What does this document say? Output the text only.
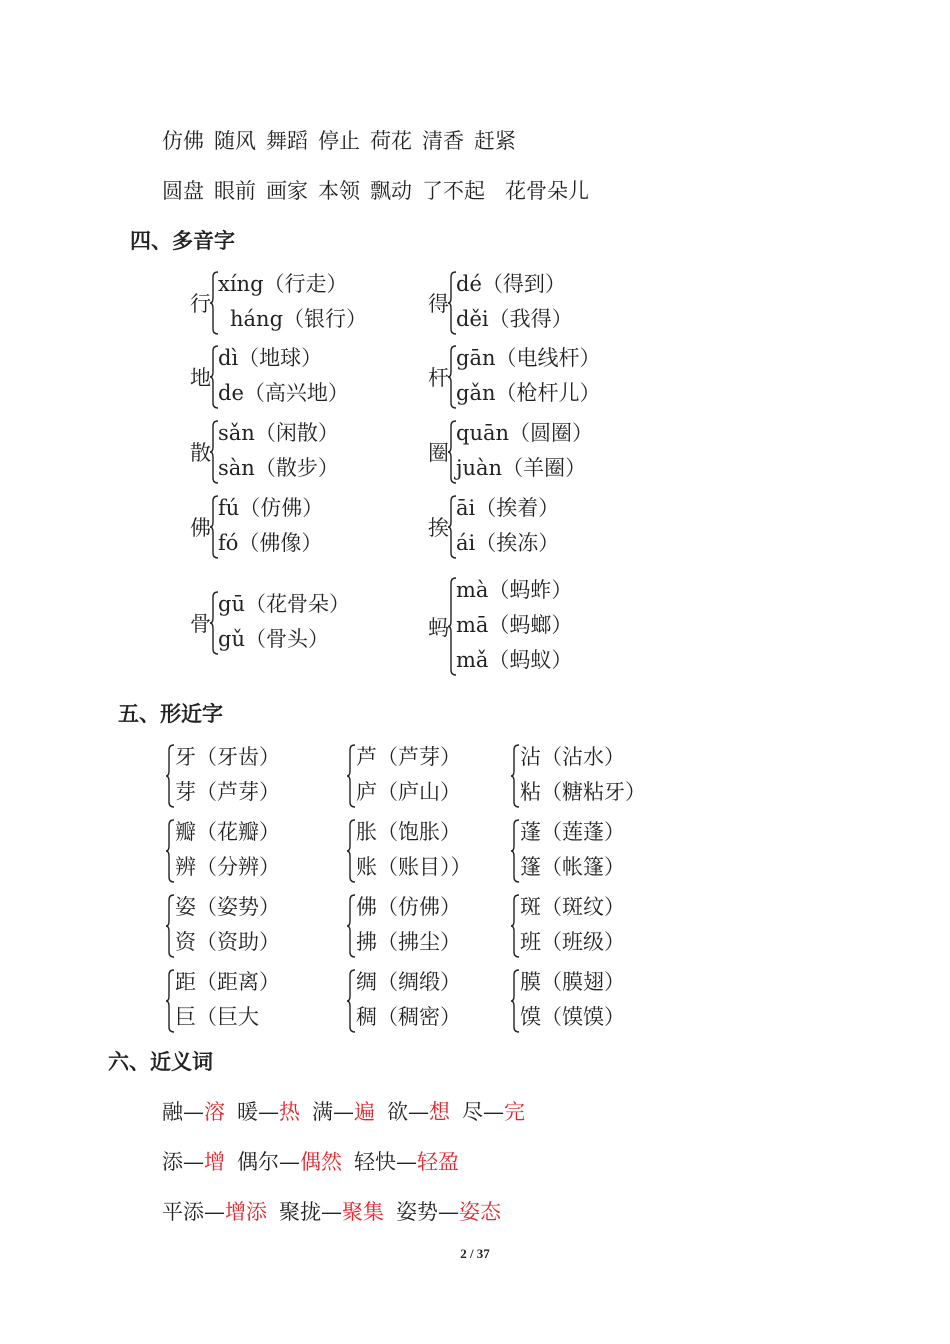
仿佛 随风 舞蹈 停止 荷花 清香 赶紧
圆盘 眼前 画家 本领 飘动 了不起 花骨朵儿
四、多音字
行
xíng（行走）
háng（银行）
得
dé（得到）
děi（我得）
地
dì（地球）
de（高兴地）
杆
gān（电线杆）
gǎn（枪杆儿）
散
sǎn（闲散）
sàn（散步）
圈
quān（圆圈）
juàn（羊圈）
佛
fú（仿佛）
fó（佛像）
挨
āi（挨着）
ái（挨冻）
骨
gū（花骨朵）
gǔ（骨头）	蚂
mà（蚂蚱）
mā（蚂螂）
mǎ（蚂蚁）
五、形近字
牙（牙齿）
芽（芦芽）
芦（芦芽）
庐（庐山）
沾（沾水）
粘（糖粘牙）
瓣（花瓣）
辨（分辨）
胀（饱胀）
账（账目））
蓬（莲蓬）
篷（帐篷）
姿（姿势）
资（资助）
佛（仿佛）
拂（拂尘）
斑（斑纹）
班（班级）
距（距离）
巨（巨大
绸（绸缎）
稠（稠密）
膜（膜翅）
馍（馍馍）
六、近义词
融—溶 暖—热 满—遍 欲—想 尽—完
添—增 偶尔—偶然 轻快—轻盈
平添—增添 聚拢—聚集 姿势—姿态
2 / 37
